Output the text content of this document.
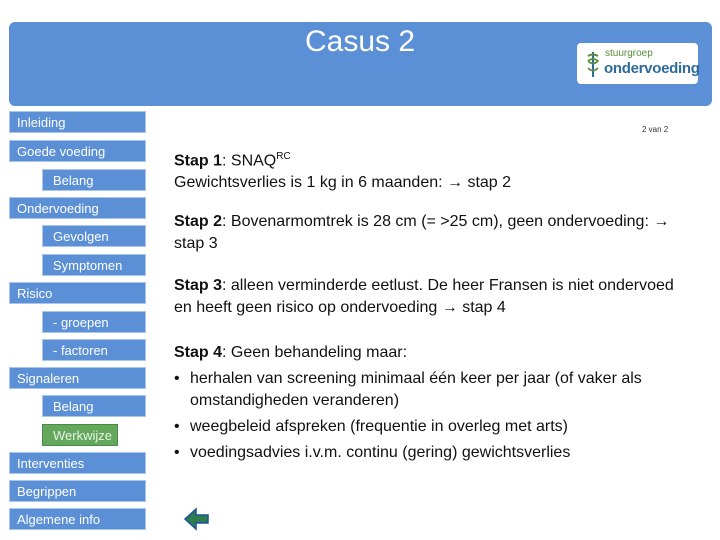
Casus 2	stuurgroep
ondervoeding
Inleiding
Goede voeding
Belang
Ondervoeding
Gevolgen
Symptomen
Risico
- groepen
- factoren
Signaleren
Belang
Werkwijze
Interventies
Begrippen
Algemene info
2 van 2
Stap 1: $SNAQ^{RC}$
Gewichtsverlies is 1 kg in 6 maanden: → stap 2
Stap 2: Bovenarmomtrek is 28 cm (= >25 cm), geen ondervoeding: → stap 3
Stap 3: alleen verminderde eetlust. De heer Fransen is niet ondervoed en heeft geen risico op ondervoeding → stap 4
Stap 4: Geen behandeling maar:
• herhalen van screening minimaal één keer per jaar (of vaker als omstandigheden veranderen)
• weegbeleid afspreken (frequentie in overleg met arts)
• voedingsadvies i.v.m. continu (gering) gewichtsverlies
